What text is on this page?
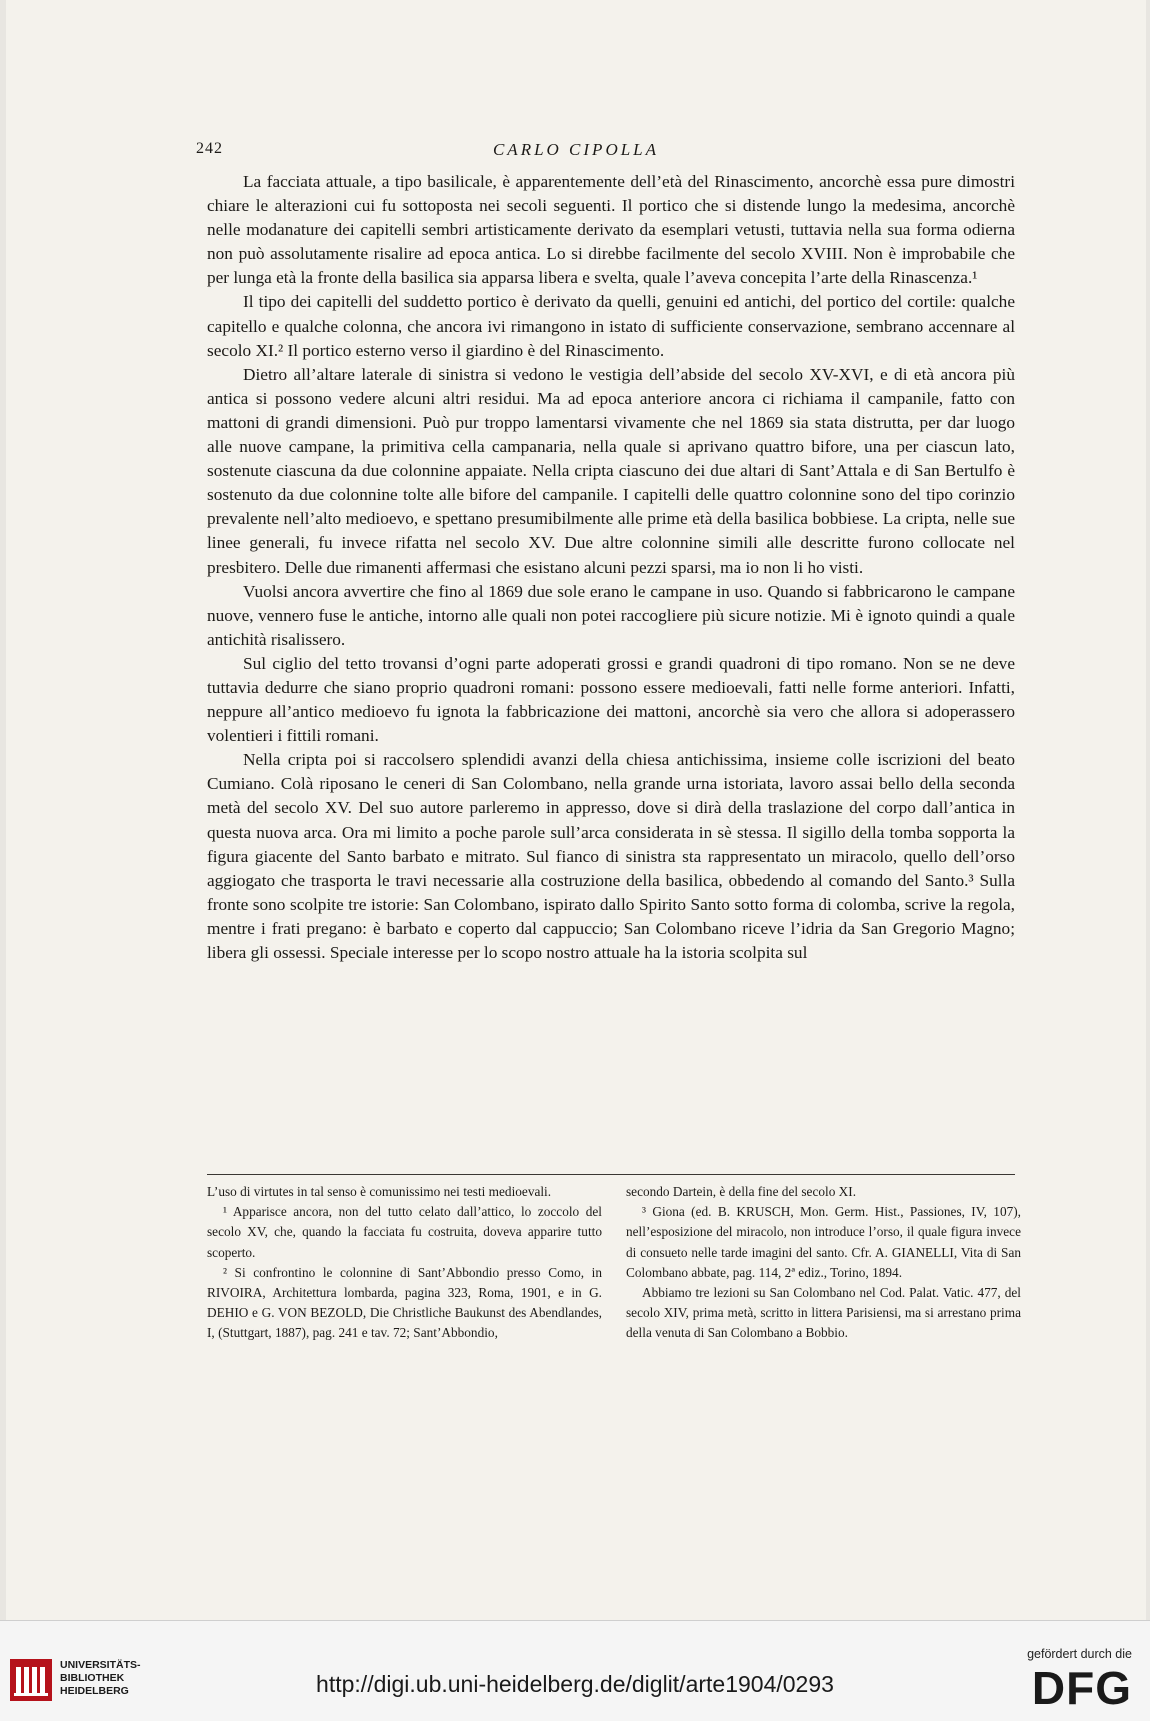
242	CARLO CIPOLLA

La facciata attuale, a tipo basilicale, è apparentemente dell’età del Rinascimento, ancorchè essa pure dimostri chiare le alterazioni cui fu sottoposta nei secoli seguenti. Il portico che si distende lungo la medesima, ancorchè nelle modanature dei capitelli sembri artisticamente derivato da esemplari vetusti, tuttavia nella sua forma odierna non può assolutamente risalire ad epoca antica. Lo si direbbe facilmente del secolo XVIII. Non è improbabile che per lunga età la fronte della basilica sia apparsa libera e svelta, quale l’aveva concepita l’arte della Rinascenza.¹

Il tipo dei capitelli del suddetto portico è derivato da quelli, genuini ed antichi, del portico del cortile: qualche capitello e qualche colonna, che ancora ivi rimangono in istato di sufficiente conservazione, sembrano accennare al secolo XI.² Il portico esterno verso il giardino è del Rinascimento.

Dietro all’altare laterale di sinistra si vedono le vestigia dell’abside del secolo XV-XVI, e di età ancora più antica si possono vedere alcuni altri residui. Ma ad epoca anteriore ancora ci richiama il campanile, fatto con mattoni di grandi dimensioni. Può pur troppo lamentarsi vivamente che nel 1869 sia stata distrutta, per dar luogo alle nuove campane, la primitiva cella campanaria, nella quale si aprivano quattro bifore, una per ciascun lato, sostenute ciascuna da due colonnine appaiate. Nella cripta ciascuno dei due altari di Sant’Attala e di San Bertulfo è sostenuto da due colonnine tolte alle bifore del campanile. I capitelli delle quattro colonnine sono del tipo corinzio prevalente nell’alto medioevo, e spettano presumibilmente alle prime età della basilica bobbiese. La cripta, nelle sue linee generali, fu invece rifatta nel secolo XV. Due altre colonnine simili alle descritte furono collocate nel presbitero. Delle due rimanenti affermasi che esistano alcuni pezzi sparsi, ma io non li ho visti.

Vuolsi ancora avvertire che fino al 1869 due sole erano le campane in uso. Quando si fabbricarono le campane nuove, vennero fuse le antiche, intorno alle quali non potei raccogliere più sicure notizie. Mi è ignoto quindi a quale antichità risalissero.

Sul ciglio del tetto trovansi d’ogni parte adoperati grossi e grandi quadroni di tipo romano. Non se ne deve tuttavia dedurre che siano proprio quadroni romani: possono essere medioevali, fatti nelle forme anteriori. Infatti, neppure all’antico medioevo fu ignota la fabbricazione dei mattoni, ancorchè sia vero che allora si adoperassero volentieri i fittili romani.

Nella cripta poi si raccolsero splendidi avanzi della chiesa antichissima, insieme colle iscrizioni del beato Cumiano. Colà riposano le ceneri di San Colombano, nella grande urna istoriata, lavoro assai bello della seconda metà del secolo XV. Del suo autore parleremo in appresso, dove si dirà della traslazione del corpo dall’antica in questa nuova arca. Ora mi limito a poche parole sull’arca considerata in sè stessa. Il sigillo della tomba sopporta la figura giacente del Santo barbato e mitrato. Sul fianco di sinistra sta rappresentato un miracolo, quello dell’orso aggiogato che trasporta le travi necessarie alla costruzione della basilica, obbedendo al comando del Santo.³ Sulla fronte sono scolpite tre istorie: San Colombano, ispirato dallo Spirito Santo sotto forma di colomba, scrive la regola, mentre i frati pregano: è barbato e coperto dal cappuccio; San Colombano riceve l’idria da San Gregorio Magno; libera gli ossessi. Speciale interesse per lo scopo nostro attuale ha la istoria scolpita sul

L’uso di virtutes in tal senso è comunissimo nei testi medioevali.

¹ Apparisce ancora, non del tutto celato dall’attico, lo zoccolo del secolo XV, che, quando la facciata fu costruita, doveva apparire tutto scoperto.

² Si confrontino le colonnine di Sant’Abbondio presso Como, in RIVOIRA, Architettura lombarda, pagina 323, Roma, 1901, e in G. DEHIO e G. VON BEZOLD, Die Christliche Baukunst des Abendlandes, I, (Stuttgart, 1887), pag. 241 e tav. 72; Sant’Abbondio,

secondo Dartein, è della fine del secolo XI.

³ Giona (ed. B. KRUSCH, Mon. Germ. Hist., Passiones, IV, 107), nell’esposizione del miracolo, non introduce l’orso, il quale figura invece di consueto nelle tarde imagini del santo. Cfr. A. GIANELLI, Vita di San Colombano abbate, pag. 114, 2ª ediz., Torino, 1894.

Abbiamo tre lezioni su San Colombano nel Cod. Palat. Vatic. 477, del secolo XIV, prima metà, scritto in littera Parisiensi, ma si arrestano prima della venuta di San Colombano a Bobbio.

UNIVERSITÄTS-
BIBLIOTHEK
HEIDELBERG	http://digi.ub.uni-heidelberg.de/diglit/arte1904/0293
gefördert durch die
DFG
